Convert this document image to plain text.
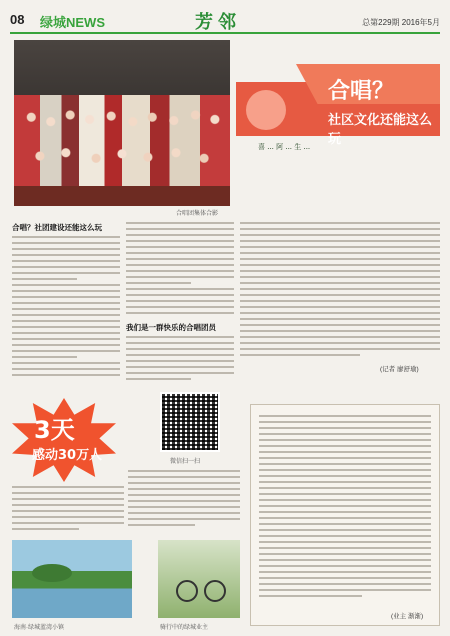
08 绿城NEWS	芳邻	总第229期 2016年5月
合唱团集体合影
合唱？
社区文化还能这么玩
喜 ... 阿 ... 生 ...
合唱？社团建设还能这么玩
我们是一群快乐的合唱团员
(记者 廖舒瑜)
微信扫一扫
3天
感动30万人
海南·绿城蓝湾小镇	骑行中的绿城业主
(业主 渐渐)
